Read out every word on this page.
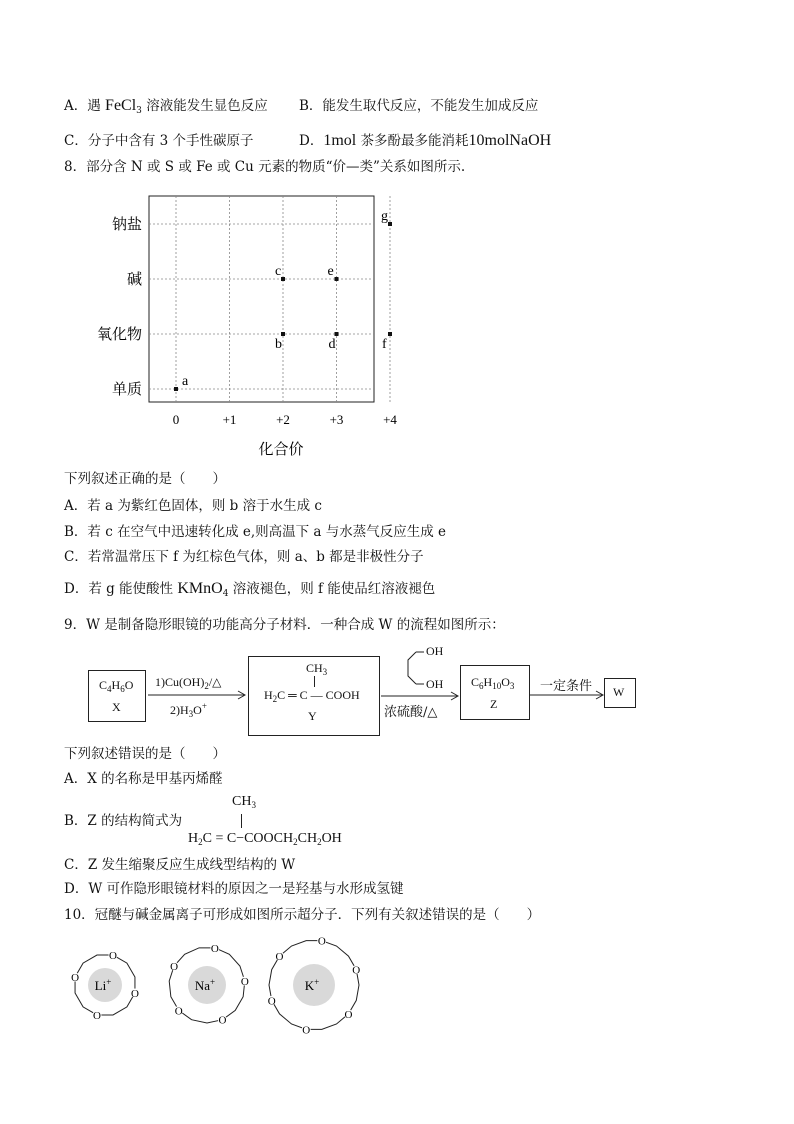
A．遇 FeCl$_3$ 溶液能发生显色反应 B．能发生取代反应，不能发生加成反应
C．分子中含有 3 个手性碳原子	D．1mol 茶多酚最多能消耗10molNaOH
8．部分含 N 或 S 或 Fe 或 Cu 元素的物质“价—类”关系如图所示.
单质
氧化物
碱
钠盐
0	+1	+2	+3	+4
a
b
c
d
e
f
g
化合价
下列叙述正确的是（　　）
A．若 a 为紫红色固体，则 b 溶于水生成 c
B．若 c 在空气中迅速转化成 e,则高温下 a 与水蒸气反应生成 e
C．若常温常压下 f 为红棕色气体，则 a、b 都是非极性分子
D．若 g 能使酸性 KMnO$_4$ 溶液褪色，则 f 能使品红溶液褪色
9．W 是制备隐形眼镜的功能高分子材料．一种合成 W 的流程如图所示：
$C_4H_6O$
X
$1)Cu(OH)_2/\triangle$
$2)H_3O^+$
$CH_3$
$H_2C$ ═ C — COOH
Y
OH
OH
浓硫酸/△
$C_6H_{10}O_3$
Z
一定条件 W
下列叙述错误的是（　　）
A．X 的名称是甲基丙烯醛
B．Z 的结构简式为
$CH_3$
$H_2C$ = $C-COOCH_2CH_2OH$
C．Z 发生缩聚反应生成线型结构的 W
D．W 可作隐形眼镜材料的原因之一是羟基与水形成氢键
10．冠醚与碱金属离子可形成如图所示超分子．下列有关叙述错误的是（　　）
O
O
O
O
Li+
O
O
O
O
O
Na+
O
O
O
O
O
O
K+
